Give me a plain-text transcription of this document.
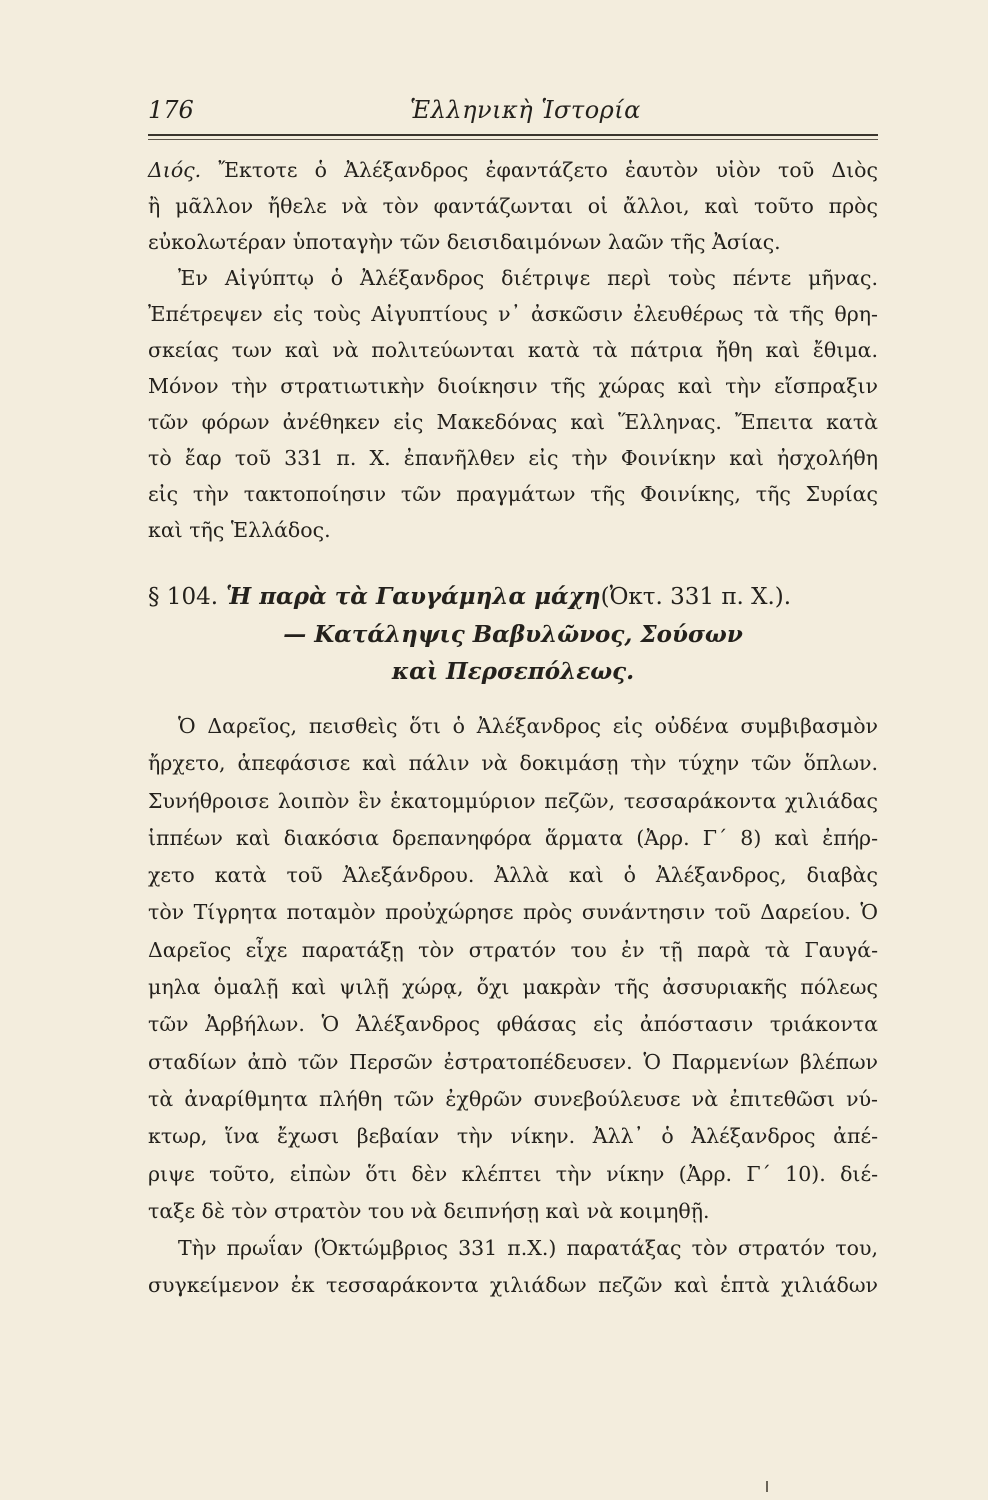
176	Ἑλληνικὴ Ἱστορία
Διός. Ἔκτοτε ὁ Ἀλέξανδρος ἐφαντάζετο ἑαυτὸν υἱὸν τοῦ Διὸς
ἢ μᾶλλον ἤθελε νὰ τὸν φαντάζωνται οἱ ἄλλοι, καὶ τοῦτο πρὸς
εὐκολωτέραν ὑποταγὴν τῶν δεισιδαιμόνων λαῶν τῆς Ἀσίας.
Ἐν Αἰγύπτῳ ὁ Ἀλέξανδρος διέτριψε περὶ τοὺς πέντε μῆνας.
Ἐπέτρεψεν εἰς τοὺς Αἰγυπτίους ν᾿ ἀσκῶσιν ἐλευθέρως τὰ τῆς θρη-
σκείας των καὶ νὰ πολιτεύωνται κατὰ τὰ πάτρια ἤθη καὶ ἔθιμα.
Μόνον τὴν στρατιωτικὴν διοίκησιν τῆς χώρας καὶ τὴν εἴσπραξιν
τῶν φόρων ἀνέθηκεν εἰς Μακεδόνας καὶ Ἕλληνας. Ἔπειτα κατὰ
τὸ ἔαρ τοῦ 331 π. Χ. ἐπανῆλθεν εἰς τὴν Φοινίκην καὶ ἠσχολήθη
εἰς τὴν τακτοποίησιν τῶν πραγμάτων τῆς Φοινίκης, τῆς Συρίας
καὶ τῆς Ἑλλάδος.
§ 104. Ἡ παρὰ τὰ Γαυγάμηλα μάχη(Ὀκτ. 331 π. Χ.).
— Κατάληψις Βαβυλῶνος, Σούσων
καὶ Περσεπόλεως.
Ὁ Δαρεῖος, πεισθεὶς ὅτι ὁ Ἀλέξανδρος εἰς οὐδένα συμβιβασμὸν
ἤρχετο, ἀπεφάσισε καὶ πάλιν νὰ δοκιμάσῃ τὴν τύχην τῶν ὅπλων.
Συνήθροισε λοιπὸν ἓν ἑκατομμύριον πεζῶν, τεσσαράκοντα χιλιάδας
ἱππέων καὶ διακόσια δρεπανηφόρα ἅρματα (Ἀρρ. Γ΄ 8) καὶ ἐπήρ-
χετο κατὰ τοῦ Ἀλεξάνδρου. Ἀλλὰ καὶ ὁ Ἀλέξανδρος, διαβὰς
τὸν Τίγρητα ποταμὸν προὐχώρησε πρὸς συνάντησιν τοῦ Δαρείου. Ὁ
Δαρεῖος εἶχε παρατάξῃ τὸν στρατόν του ἐν τῇ παρὰ τὰ Γαυγά-
μηλα ὁμαλῇ καὶ ψιλῇ χώρᾳ, ὄχι μακρὰν τῆς ἀσσυριακῆς πόλεως
τῶν Ἀρβήλων. Ὁ Ἀλέξανδρος φθάσας εἰς ἀπόστασιν τριάκοντα
σταδίων ἀπὸ τῶν Περσῶν ἐστρατοπέδευσεν. Ὁ Παρμενίων βλέπων
τὰ ἀναρίθμητα πλήθη τῶν ἐχθρῶν συνεβούλευσε νὰ ἐπιτεθῶσι νύ-
κτωρ, ἵνα ἔχωσι βεβαίαν τὴν νίκην. Ἀλλ᾿ ὁ Ἀλέξανδρος ἀπέ-
ριψε τοῦτο, εἰπὼν ὅτι δὲν κλέπτει τὴν νίκην (Ἀρρ. Γ΄ 10). διέ-
ταξε δὲ τὸν στρατὸν του νὰ δειπνήσῃ καὶ νὰ κοιμηθῇ.
Τὴν πρωΐαν (Ὀκτώμβριος 331 π.Χ.) παρατάξας τὸν στρατόν του,
συγκείμενον ἐκ τεσσαράκοντα χιλιάδων πεζῶν καὶ ἑπτὰ χιλιάδων
